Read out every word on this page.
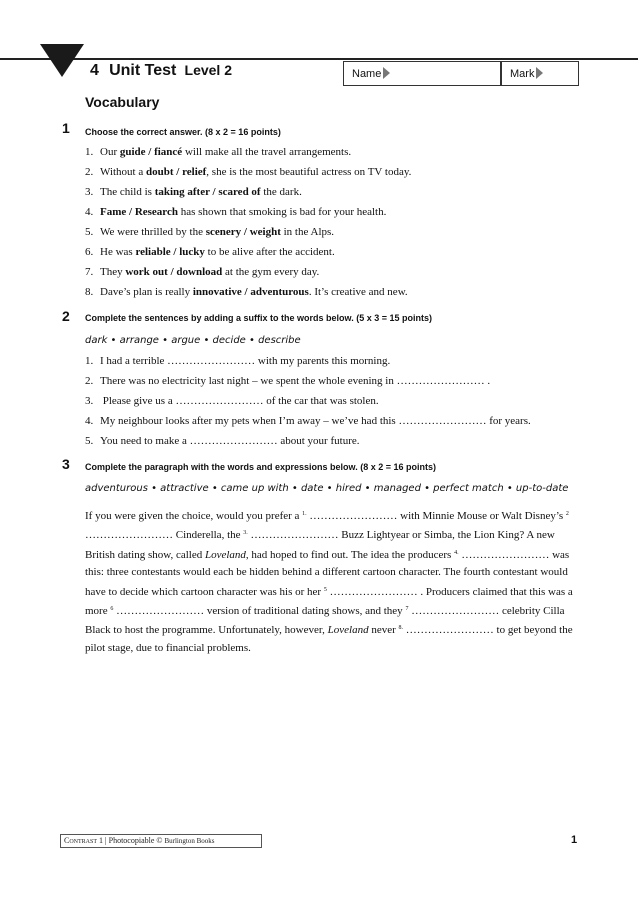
4 Unit Test Level 2	Name	Mark
Vocabulary
1 Choose the correct answer. (8 x 2 = 16 points)
1. Our guide / fiancé will make all the travel arrangements.
2. Without a doubt / relief, she is the most beautiful actress on TV today.
3. The child is taking after / scared of the dark.
4. Fame / Research has shown that smoking is bad for your health.
5. We were thrilled by the scenery / weight in the Alps.
6. He was reliable / lucky to be alive after the accident.
7. They work out / download at the gym every day.
8. Dave’s plan is really innovative / adventurous. It’s creative and new.
2 Complete the sentences by adding a suffix to the words below. (5 x 3 = 15 points)
dark • arrange • argue • decide • describe
1. I had a terrible …………………… with my parents this morning.
2. There was no electricity last night – we spent the whole evening in …………………… .
3. Please give us a …………………… of the car that was stolen.
4. My neighbour looks after my pets when I’m away – we’ve had this …………………… for years.
5. You need to make a …………………… about your future.
3 Complete the paragraph with the words and expressions below. (8 x 2 = 16 points)
adventurous • attractive • came up with • date • hired • managed • perfect match • up-to-date
If you were given the choice, would you prefer a $^{1.}$ …………………… with Minnie Mouse or Walt Disney’s $^2$ …………………… Cinderella, the $^{3.}$ …………………… Buzz Lightyear or Simba, the Lion King? A new British dating show, called Loveland, had hoped to find out. The idea the producers $^{4.}$ …………………… was this: three contestants would each be hidden behind a different cartoon character. The fourth contestant would have to decide which cartoon character was his or her $^5$ …………………… . Producers claimed that this was a more $^6$ …………………… version of traditional dating shows, and they $^7$ …………………… celebrity Cilla Black to host the programme. Unfortunately, however, Loveland never $^{8.}$ …………………… to get beyond the pilot stage, due to financial problems.
Contrast 1 | Photocopiable © Burlington Books	1
